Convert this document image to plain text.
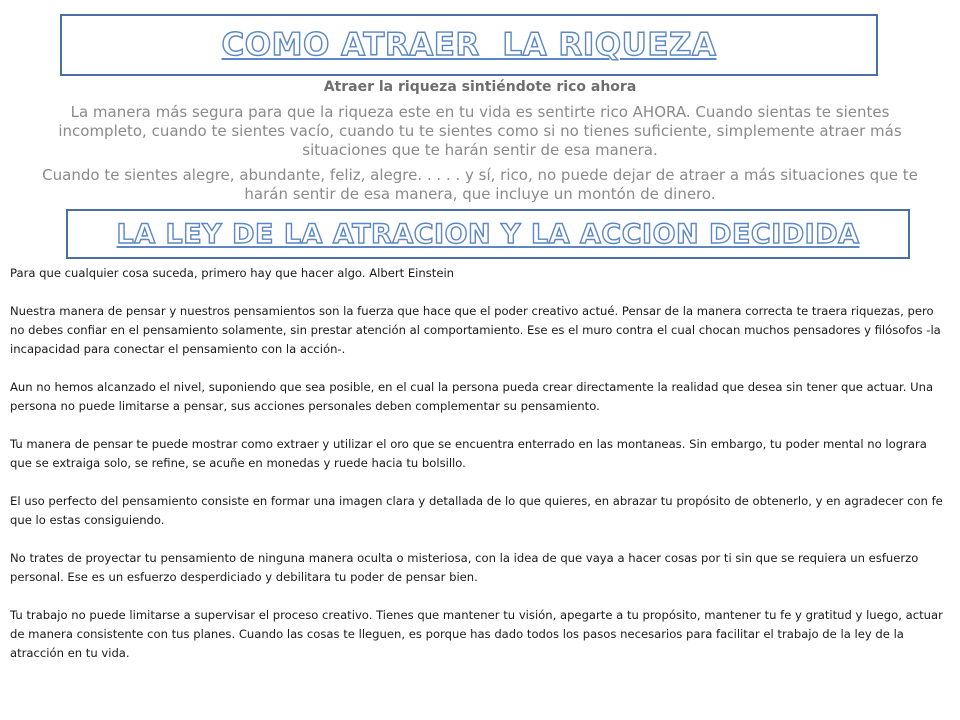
COMO ATRAER  LA RIQUEZA
Atraer la riqueza sintiéndote rico ahora

La manera más segura para que la riqueza este en tu vida es sentirte rico AHORA. Cuando sientas te sientes incompleto, cuando te sientes vacío, cuando tu te sientes como si no tienes suficiente, simplemente atraer más situaciones que te harán sentir de esa manera.

Cuando te sientes alegre, abundante, feliz, alegre. . . . . y sí, rico, no puede dejar de atraer a más situaciones que te harán sentir de esa manera, que incluye un montón de dinero.

LA LEY DE LA ATRACION Y LA ACCION DECIDIDA

Para que cualquier cosa suceda, primero hay que hacer algo. Albert Einstein

Nuestra manera de pensar y nuestros pensamientos son la fuerza que hace que el poder creativo actué. Pensar de la manera correcta te traera riquezas, pero no debes confiar en el pensamiento solamente, sin prestar atención al comportamiento. Ese es el muro contra el cual chocan muchos pensadores y filósofos -la incapacidad para conectar el pensamiento con la acción-.

Aun no hemos alcanzado el nivel, suponiendo que sea posible, en el cual la persona pueda crear directamente la realidad que desea sin tener que actuar. Una persona no puede limitarse a pensar, sus acciones personales deben complementar su pensamiento.

Tu manera de pensar te puede mostrar como extraer y utilizar el oro que se encuentra enterrado en las montaneas. Sin embargo, tu poder mental no lograra que se extraiga solo, se refine, se acuñe en monedas y ruede hacia tu bolsillo.

El uso perfecto del pensamiento consiste en formar una imagen clara y detallada de lo que quieres, en abrazar tu propósito de obtenerlo, y en agradecer con fe que lo estas consiguiendo.

No trates de proyectar tu pensamiento de ninguna manera oculta o misteriosa, con la idea de que vaya a hacer cosas por ti sin que se requiera un esfuerzo personal. Ese es un esfuerzo desperdiciado y debilitara tu poder de pensar bien.

Tu trabajo no puede limitarse a supervisar el proceso creativo. Tienes que mantener tu visión, apegarte a tu propósito, mantener tu fe y gratitud y luego, actuar de manera consistente con tus planes. Cuando las cosas te lleguen, es porque has dado todos los pasos necesarios para facilitar el trabajo de la ley de la atracción en tu vida.
